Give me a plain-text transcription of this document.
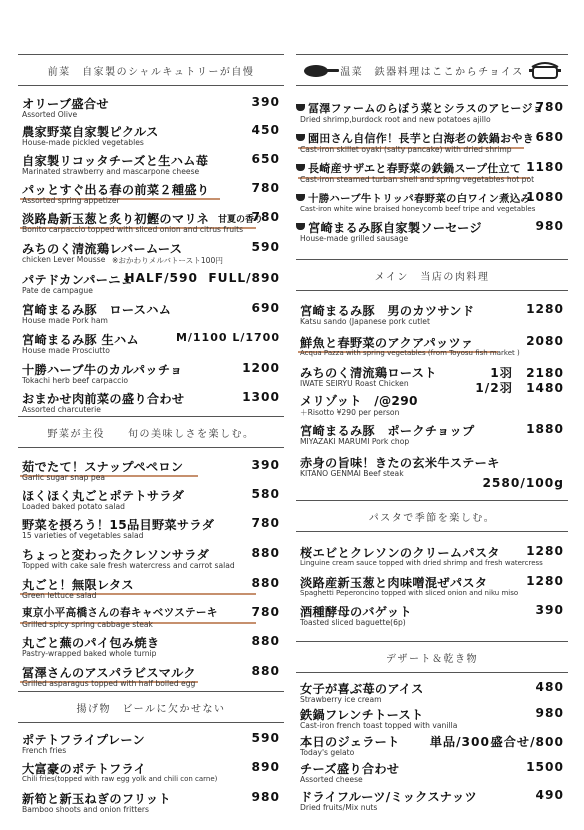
前菜　自家製のシャルキュトリーが自慢
オリーブ盛合せ
Assorted Olive
390
農家野菜自家製ピクルス
House-made pickled vegetables
450
自家製リコッタチーズと生ハム苺
Marinated strawberry and mascarpone cheese
650
パッとすぐ出る春の前菜２種盛り
Assorted spring appetizer
780
淡路島新玉葱と炙り初鰹のマリネ 甘夏の香り
Bonito carpaccio topped with sliced onion and citrus fruits
780
みちのく清流鶏レバームース
chicken Lever Mousse ※おかわりメルバトースト100円
590
パテドカンパーニュ
Pate de campague
HALF/590 FULL/890
宮崎まるみ豚　ロースハム
House made Pork ham
690
宮崎まるみ豚 生ハム
House made Prosciutto
M/1100 L/1700
十勝ハーブ牛のカルパッチョ
Tokachi herb beef carpaccio
1200
おまかせ肉前菜の盛り合わせ
Assorted charcuterie
1300
野菜が主役　　旬の美味しさを楽しむ。
茹でたて！スナップペペロン
Garlic sugar snap pea
390
ほくほく丸ごとポテトサラダ
Loaded baked potato salad
580
野菜を摂ろう！15品目野菜サラダ
15 varieties of vegetables salad
780
ちょっと変わったクレソンサラダ
Topped with cake sale fresh watercress and carrot salad
880
丸ごと！無限レタス
Green lettuce salad
880
東京小平高橋さんの春キャベツステーキ
Grilled spicy spring cabbage steak
780
丸ごと蕪のパイ包み焼き
Pastry-wrapped baked whole turnip
880
冨澤さんのアスパラビスマルク
Grilled asparagus topped with half boiled egg
880
揚げ物　ビールに欠かせない
ポテトフライプレーン
French fries
590
大富豪のポテトフライ
Chili fries(topped with raw egg yolk and chili con carne)
890
新筍と新玉ねぎのフリット
Bamboo shoots and onion fritters
980
温菜　鉄器料理はここからチョイス
冨澤ファームのらぼう菜とシラスのアヒージョ
Dried shrimp,burdock root and new potatoes ajillo
780
園田さん自信作！長芋と白海老の鉄鍋おやき
Cast-iron skillet oyaki (salty pancake) with dried shrimp
680
長崎産サザエと春野菜の鉄鍋スープ仕立て
Cast-iron steamed turban shell and spring vegetables hot pot
1180
十勝ハーブ牛トリッパ春野菜の白ワイン煮込み
Cast-iron white wine braised honeycomb beef tripe and vegetables
1080
宮崎まるみ豚自家製ソーセージ
House-made grilled sausage
980
メイン　当店の肉料理
宮崎まるみ豚　男のカツサンド
Katsu sando (Japanese pork cutlet
1280
鮮魚と春野菜のアクアパッツァ
Acqua Pazza with spring vegetables (from Toyosu fish market )
2080
みちのく清流鶏ロースト
IWATE SEIRYU Roast Chicken
1羽　2180
1/2羽　1480
メリゾット　/@290
＋Risotto ¥290 per person
宮崎まるみ豚　ポークチョップ
MIYAZAKI MARUMI Pork chop
1880
赤身の旨味！きたの玄米牛ステーキ
KITANO GENMAI Beef steak
2580/100g
パスタで季節を楽しむ。
桜エビとクレソンのクリームパスタ
Linguine cream sauce topped with dried shrimp and fresh watercress
1280
淡路産新玉葱と肉味噌混ぜパスタ
Spaghetti Peperoncino topped with sliced onion and niku miso
1280
酒種酵母のバゲット
Toasted sliced baguette(6p)
390
デザート＆乾き物
女子が喜ぶ苺のアイス
Strawberry ice cream
480
鉄鍋フレンチトースト
Cast-iron french toast topped with vanilla
980
本日のジェラート
Today's gelato
単品/300 盛合せ/800
チーズ盛り合わせ
Assorted cheese
1500
ドライフルーツ/ミックスナッツ
Dried fruits/Mix nuts
490
